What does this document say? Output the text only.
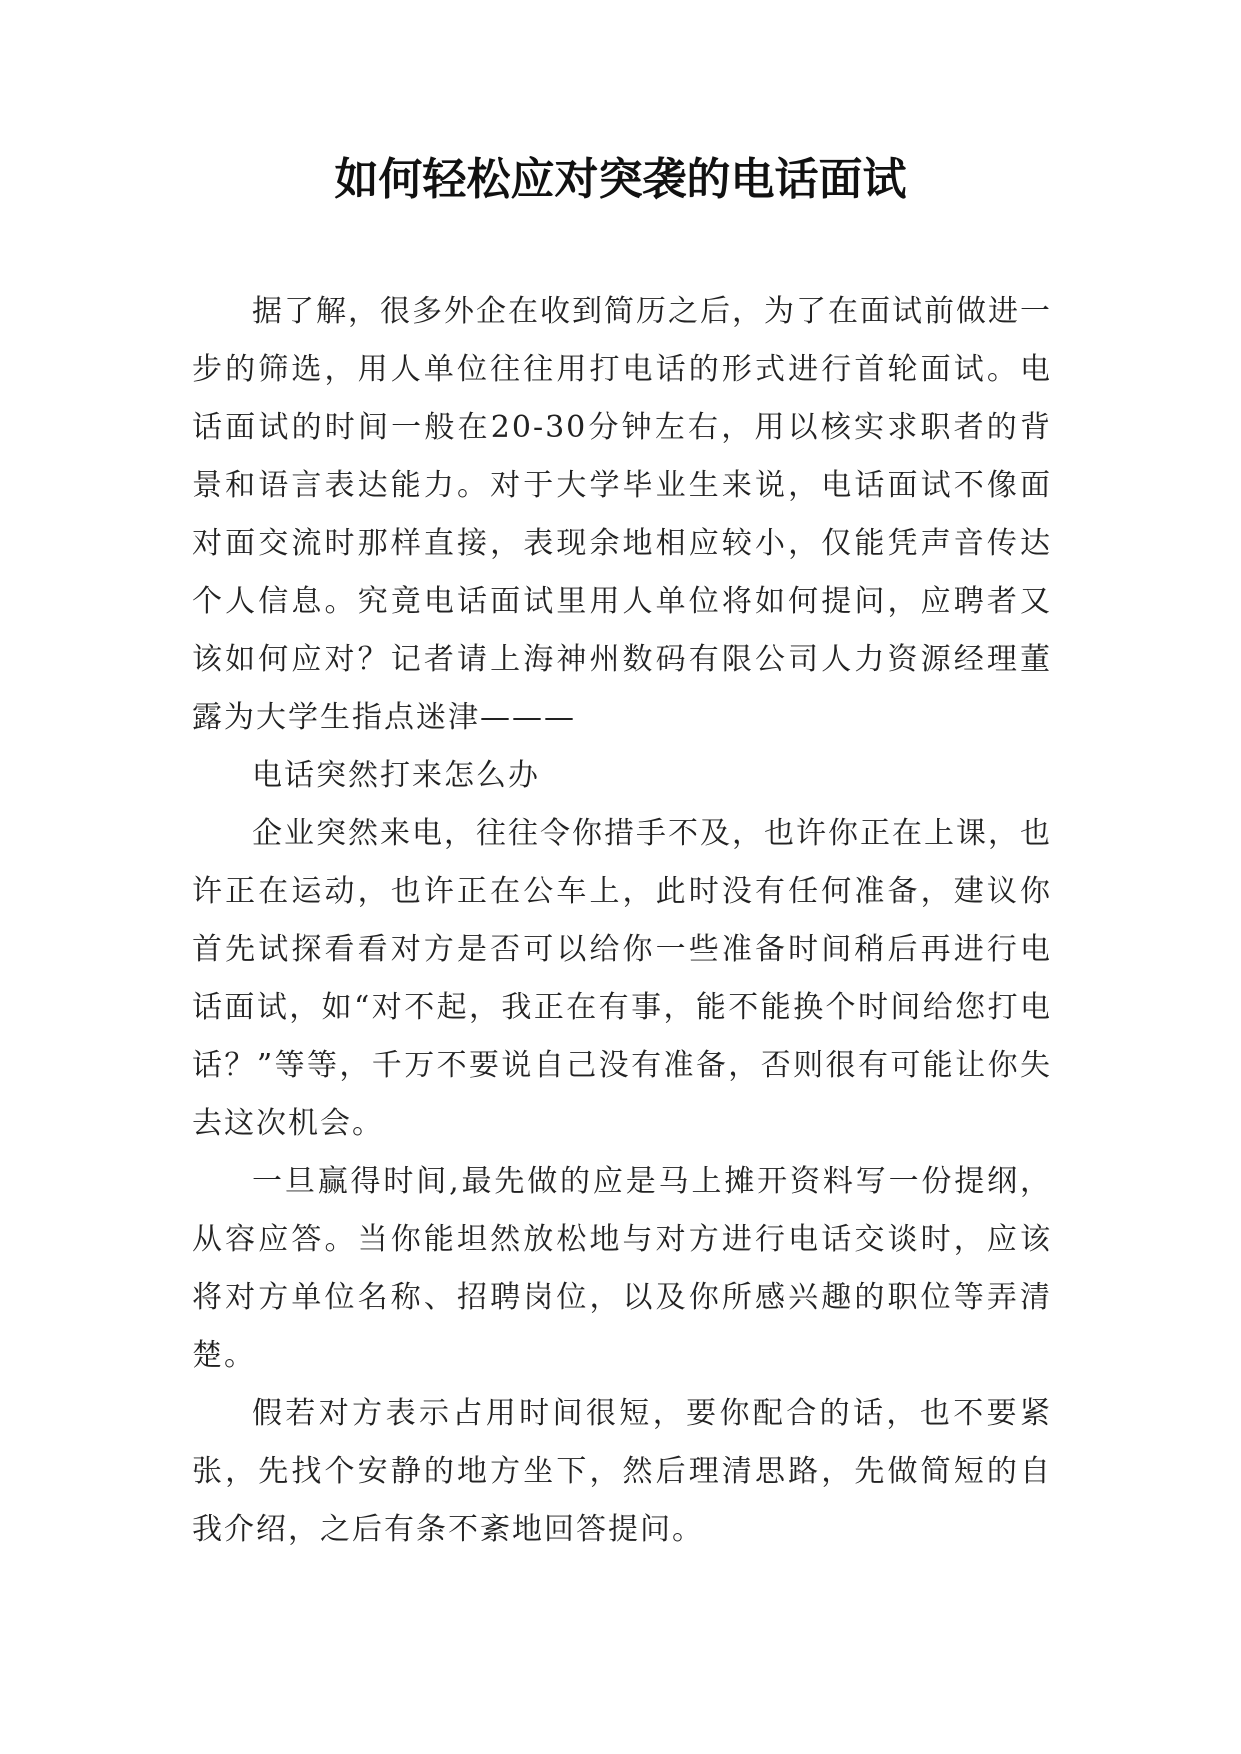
如何轻松应对突袭的电话面试

据了解，很多外企在收到简历之后，为了在面试前做进一步的筛选，用人单位往往用打电话的形式进行首轮面试。电话面试的时间一般在20-30分钟左右，用以核实求职者的背景和语言表达能力。对于大学毕业生来说，电话面试不像面对面交流时那样直接，表现余地相应较小，仅能凭声音传达个人信息。究竟电话面试里用人单位将如何提问，应聘者又该如何应对？记者请上海神州数码有限公司人力资源经理董露为大学生指点迷津———

电话突然打来怎么办

企业突然来电，往往令你措手不及，也许你正在上课，也许正在运动，也许正在公车上，此时没有任何准备，建议你首先试探看看对方是否可以给你一些准备时间稍后再进行电话面试，如“对不起，我正在有事，能不能换个时间给您打电话？”等等，千万不要说自己没有准备，否则很有可能让你失去这次机会。

一旦赢得时间,最先做的应是马上摊开资料写一份提纲，从容应答。当你能坦然放松地与对方进行电话交谈时，应该将对方单位名称、招聘岗位，以及你所感兴趣的职位等弄清楚。

假若对方表示占用时间很短，要你配合的话，也不要紧张，先找个安静的地方坐下，然后理清思路，先做简短的自我介绍，之后有条不紊地回答提问。
